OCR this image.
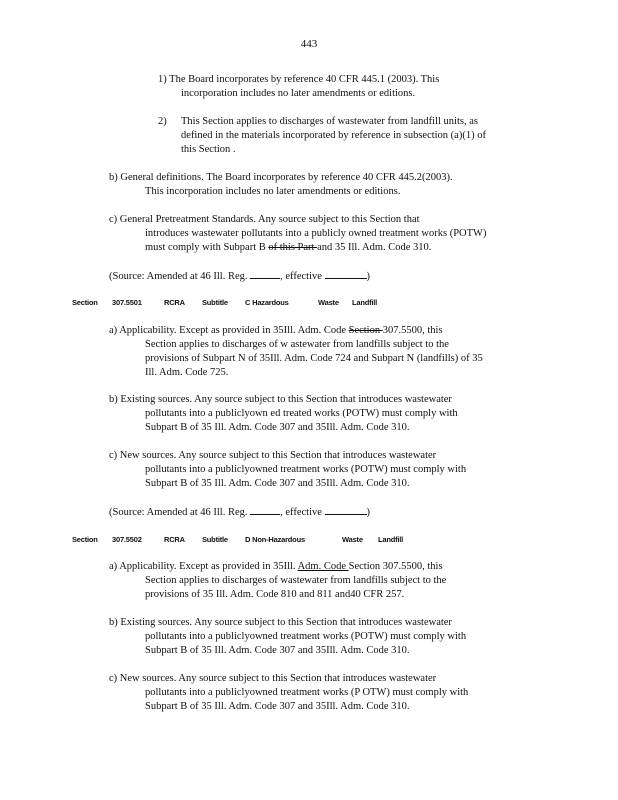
443
1) The Board incorporates by reference 40 CFR 445.1 (2003). This
incorporation includes no later amendments or editions.
2) This Section applies to discharges of wastewater from landfill units, as
defined in the materials incorporated by reference in subsection (a)(1) of
this Section .
b) General definitions. The Board incorporates by reference 40 CFR 445.2(2003).
This incorporation includes no later amendments or editions.
c) General Pretreatment Standards. Any source subject to this Section that
introduces wastewater pollutants into a publicly owned treatment works (POTW)
must comply with Subpart B of this Part and 35 Ill. Adm. Code 310.
(Source: Amended at 46 Ill. Reg.	, effective	)
Section 307.5501	RCRA Subtitle C Hazardous	Waste Landfill
a) Applicability. Except as provided in 35Ill. Adm. Code Section 307.5500, this
Section applies to discharges of w astewater from landfills subject to the
provisions of Subpart N of 35Ill. Adm. Code 724 and Subpart N (landfills) of 35
Ill. Adm. Code 725.
b) Existing sources. Any source subject to this Section that introduces wastewater
pollutants into a publiclyown ed treated works (POTW) must comply with
Subpart B of 35 Ill. Adm. Code 307 and 35Ill. Adm. Code 310.
c) New sources. Any source subject to this Section that introduces wastewater
pollutants into a publiclyowned treatment works (POTW) must comply with
Subpart B of 35 Ill. Adm. Code 307 and 35Ill. Adm. Code 310.
(Source: Amended at 46 Ill. Reg.	, effective	)
Section 307.5502	RCRA Subtitle D Non-Hazardous	Waste Landfill
a) Applicability. Except as provided in 35Ill. Adm. Code Section 307.5500, this
Section applies to discharges of wastewater from landfills subject to the
provisions of 35 Ill. Adm. Code 810 and 811 and40 CFR 257.
b) Existing sources. Any source subject to this Section that introduces wastewater
pollutants into a publiclyowned treatment works (POTW) must comply with
Subpart B of 35 Ill. Adm. Code 307 and 35Ill. Adm. Code 310.
c) New sources. Any source subject to this Section that introduces wastewater
pollutants into a publiclyowned treatment works (P OTW) must comply with
Subpart B of 35 Ill. Adm. Code 307 and 35Ill. Adm. Code 310.
